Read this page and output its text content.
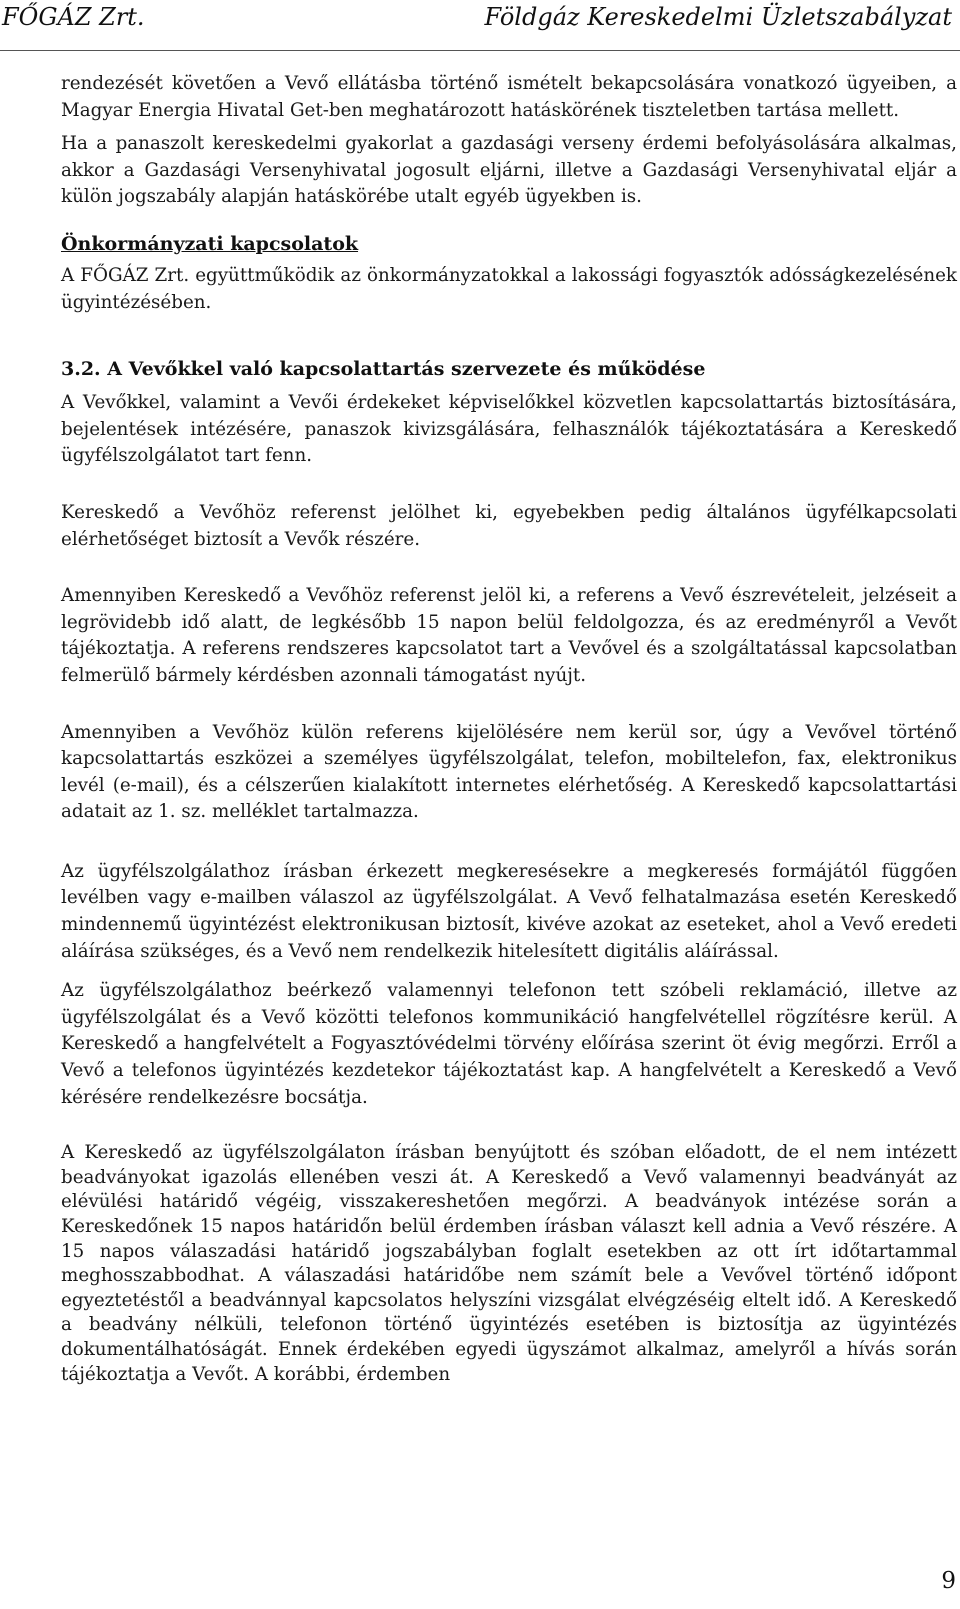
FŐGÁZ Zrt.	Földgáz Kereskedelmi Üzletszabályzat

rendezését követően a Vevő ellátásba történő ismételt bekapcsolására vonatkozó ügyeiben, a Magyar Energia Hivatal Get-ben meghatározott hatáskörének tiszteletben tartása mellett.

Ha a panaszolt kereskedelmi gyakorlat a gazdasági verseny érdemi befolyásolására alkalmas, akkor a Gazdasági Versenyhivatal jogosult eljárni, illetve a Gazdasági Versenyhivatal eljár a külön jogszabály alapján hatáskörébe utalt egyéb ügyekben is.

Önkormányzati kapcsolatok

A FŐGÁZ Zrt. együttműködik az önkormányzatokkal a lakossági fogyasztók adósságkezelésének ügyintézésében.

3.2. A Vevőkkel való kapcsolattartás szervezete és működése

A Vevőkkel, valamint a Vevői érdekeket képviselőkkel közvetlen kapcsolattartás biztosítására, bejelentések intézésére, panaszok kivizsgálására, felhasználók tájékoztatására a Kereskedő ügyfélszolgálatot tart fenn.

Kereskedő a Vevőhöz referenst jelölhet ki, egyebekben pedig általános ügyfélkapcsolati elérhetőséget biztosít a Vevők részére.

Amennyiben Kereskedő a Vevőhöz referenst jelöl ki, a referens a Vevő észrevételeit, jelzéseit a legrövidebb idő alatt, de legkésőbb 15 napon belül feldolgozza, és az eredményről a Vevőt tájékoztatja. A referens rendszeres kapcsolatot tart a Vevővel és a szolgáltatással kapcsolatban felmerülő bármely kérdésben azonnali támogatást nyújt.

Amennyiben a Vevőhöz külön referens kijelölésére nem kerül sor, úgy a Vevővel történő kapcsolattartás eszközei a személyes ügyfélszolgálat, telefon, mobiltelefon, fax, elektronikus levél (e-mail), és a célszerűen kialakított internetes elérhetőség. A Kereskedő kapcsolattartási adatait az 1. sz. melléklet tartalmazza.

Az ügyfélszolgálathoz írásban érkezett megkeresésekre a megkeresés formájától függően levélben vagy e-mailben válaszol az ügyfélszolgálat. A Vevő felhatalmazása esetén Kereskedő mindennemű ügyintézést elektronikusan biztosít, kivéve azokat az eseteket, ahol a Vevő eredeti aláírása szükséges, és a Vevő nem rendelkezik hitelesített digitális aláírással.

Az ügyfélszolgálathoz beérkező valamennyi telefonon tett szóbeli reklamáció, illetve az ügyfélszolgálat és a Vevő közötti telefonos kommunikáció hangfelvétellel rögzítésre kerül. A Kereskedő a hangfelvételt a Fogyasztóvédelmi törvény előírása szerint öt évig megőrzi. Erről a Vevő a telefonos ügyintézés kezdetekor tájékoztatást kap. A hangfelvételt a Kereskedő a Vevő kérésére rendelkezésre bocsátja.

A Kereskedő az ügyfélszolgálaton írásban benyújtott és szóban előadott, de el nem intézett beadványokat igazolás ellenében veszi át. A Kereskedő a Vevő valamennyi beadványát az elévülési határidő végéig, visszakereshetően megőrzi. A beadványok intézése során a Kereskedőnek 15 napos határidőn belül érdemben írásban választ kell adnia a Vevő részére. A 15 napos válaszadási határidő jogszabályban foglalt esetekben az ott írt időtartammal meghosszabbodhat. A válaszadási határidőbe nem számít bele a Vevővel történő időpont egyeztetéstől a beadvánnyal kapcsolatos helyszíni vizsgálat elvégzéséig eltelt idő. A Kereskedő a beadvány nélküli, telefonon történő ügyintézés esetében is biztosítja az ügyintézés dokumentálhatóságát. Ennek érdekében egyedi ügyszámot alkalmaz, amelyről a hívás során tájékoztatja a Vevőt. A korábbi, érdemben

9
